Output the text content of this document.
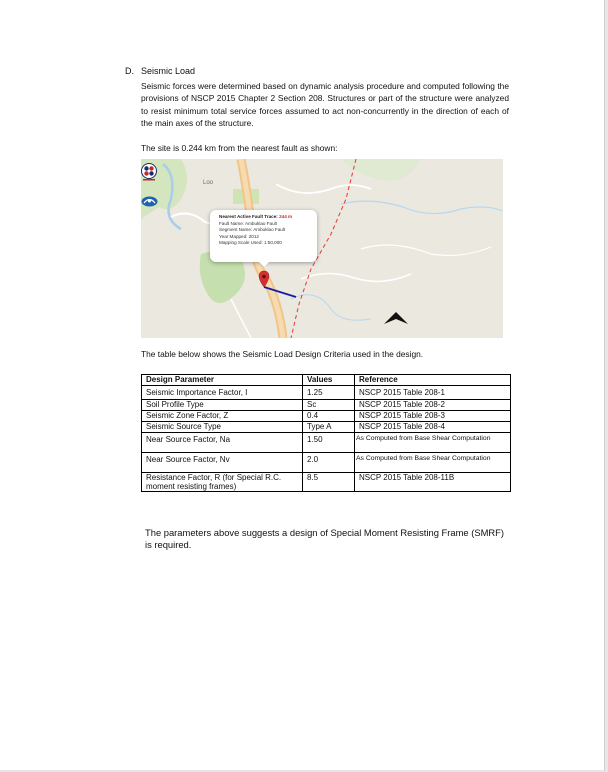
D. Seismic Load
Seismic forces were determined based on dynamic analysis procedure and computed following the provisions of NSCP 2015 Chapter 2 Section 208. Structures or part of the structure were analyzed to resist minimum total service forces assumed to act non-concurrently in the direction of each of the main axes of the structure.
The site is 0.244 km from the nearest fault as shown:
Loo
Nearest Active Fault Trace: 244 m
Fault Name: Ambuklao Fault
Segment Name: Ambuklao Fault
Year Mapped: 2012
Mapping Scale Used: 1:50,000
The table below shows the Seismic Load Design Criteria used in the design.
Design Parameter	Values	Reference
Seismic Importance Factor, I	1.25	NSCP 2015 Table 208-1
Soil Profile Type	Sc	NSCP 2015 Table 208-2
Seismic Zone Factor, Z	0.4	NSCP 2015 Table 208-3
Seismic Source Type	Type A	NSCP 2015 Table 208-4
Near Source Factor, Na	1.50	As Computed from Base Shear Computation
Near Source Factor, Nv	2.0	As Computed from Base Shear Computation
Resistance Factor, R (for Special R.C. moment resisting frames)	8.5	NSCP 2015 Table 208-11B
The parameters above suggests a design of Special Moment Resisting Frame (SMRF) is required.
